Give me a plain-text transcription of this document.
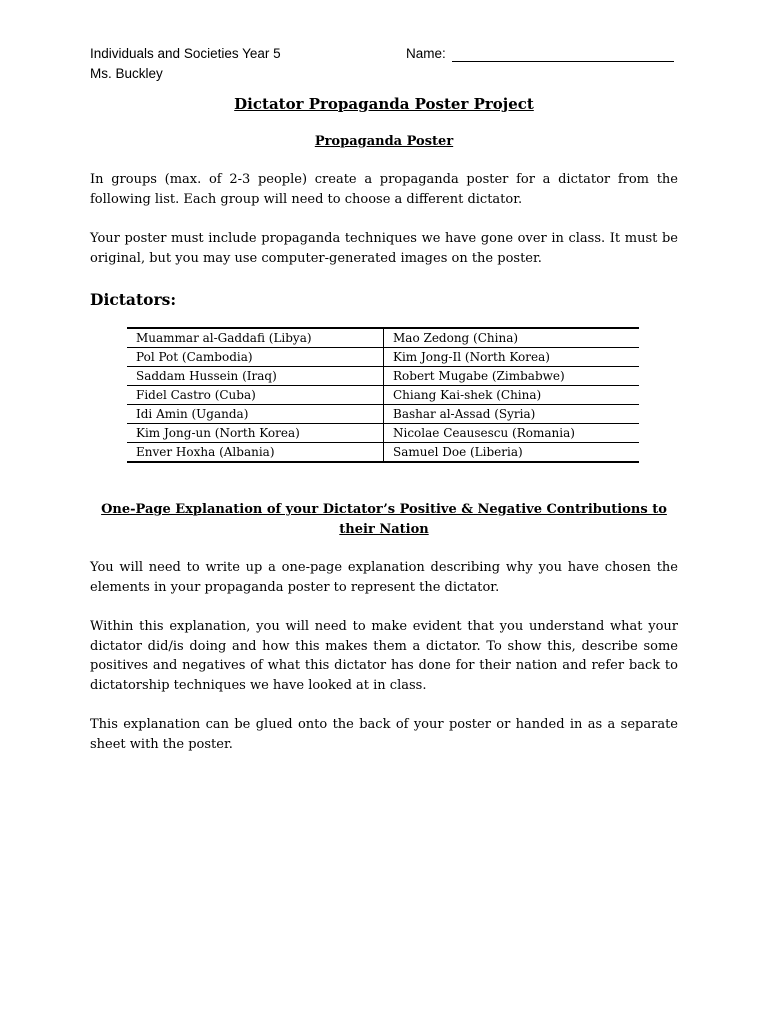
Individuals and Societies Year 5
Ms. Buckley
Name:
Dictator Propaganda Poster Project
Propaganda Poster
In groups (max. of 2-3 people) create a propaganda poster for a dictator from the following list. Each group will need to choose a different dictator.
Your poster must include propaganda techniques we have gone over in class. It must be original, but you may use computer-generated images on the poster.
Dictators:
Muammar al-Gaddafi (Libya)	Mao Zedong (China)
Pol Pot (Cambodia)	Kim Jong-Il (North Korea)
Saddam Hussein (Iraq)	Robert Mugabe (Zimbabwe)
Fidel Castro (Cuba)	Chiang Kai-shek (China)
Idi Amin (Uganda)	Bashar al-Assad (Syria)
Kim Jong-un (North Korea)	Nicolae Ceausescu (Romania)
Enver Hoxha (Albania)	Samuel Doe (Liberia)
One-Page Explanation of your Dictator’s Positive & Negative Contributions to their Nation
You will need to write up a one-page explanation describing why you have chosen the elements in your propaganda poster to represent the dictator.
Within this explanation, you will need to make evident that you understand what your dictator did/is doing and how this makes them a dictator. To show this, describe some positives and negatives of what this dictator has done for their nation and refer back to dictatorship techniques we have looked at in class.
This explanation can be glued onto the back of your poster or handed in as a separate sheet with the poster.
